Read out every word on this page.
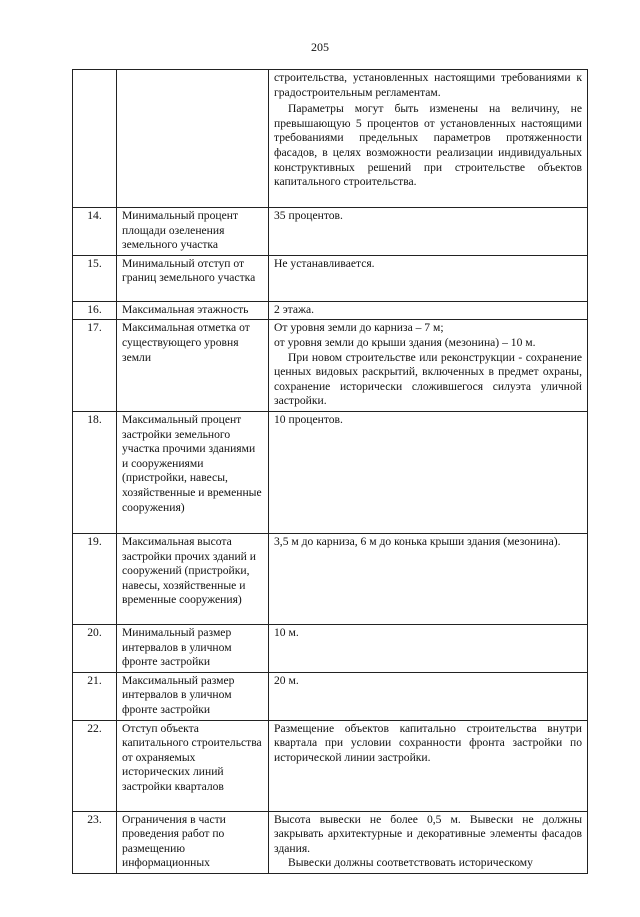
205

		строительства, установленных настоящими требованиями к градостроительным регламентам.

Параметры могут быть изменены на величину, не превышающую 5 процентов от установленных настоящими требованиями предельных параметров протяженности фасадов, в целях возможности реализации индивидуальных конструктивных решений при строительстве объектов капитального строительства.

14.	Минимальный процент площади озеленения земельного участка	35 процентов.

15.	Минимальный отступ от границ земельного участка	Не устанавливается.

16.	Максимальная этажность	2 этажа.

17.	Максимальная отметка от существующего уровня земли	От уровня земли до карниза – 7 м;

от уровня земли до крыши здания (мезонина) – 10 м.

При новом строительстве или реконструкции - сохранение ценных видовых раскрытий, включенных в предмет охраны, сохранение исторически сложившегося силуэта уличной застройки.

18.	Максимальный процент застройки земельного участка прочими зданиями и сооружениями (пристройки, навесы, хозяйственные и временные сооружения)	10 процентов.

19.	Максимальная высота застройки прочих зданий и сооружений (пристройки, навесы, хозяйственные и временные сооружения)	3,5 м до карниза, 6 м до конька крыши здания (мезонина).

20.	Минимальный размер интервалов в уличном фронте застройки	10 м.

21.	Максимальный размер интервалов в уличном фронте застройки	20 м.

22.	Отступ объекта капитального строительства от охраняемых исторических линий застройки кварталов	Размещение объектов капитально строительства внутри квартала при условии сохранности фронта застройки по исторической линии застройки.

23.	Ограничения в части проведения работ по размещению информационных	Высота вывески не более 0,5 м. Вывески не должны закрывать архитектурные и декоративные элементы фасадов здания.

Вывески должны соответствовать историческому
